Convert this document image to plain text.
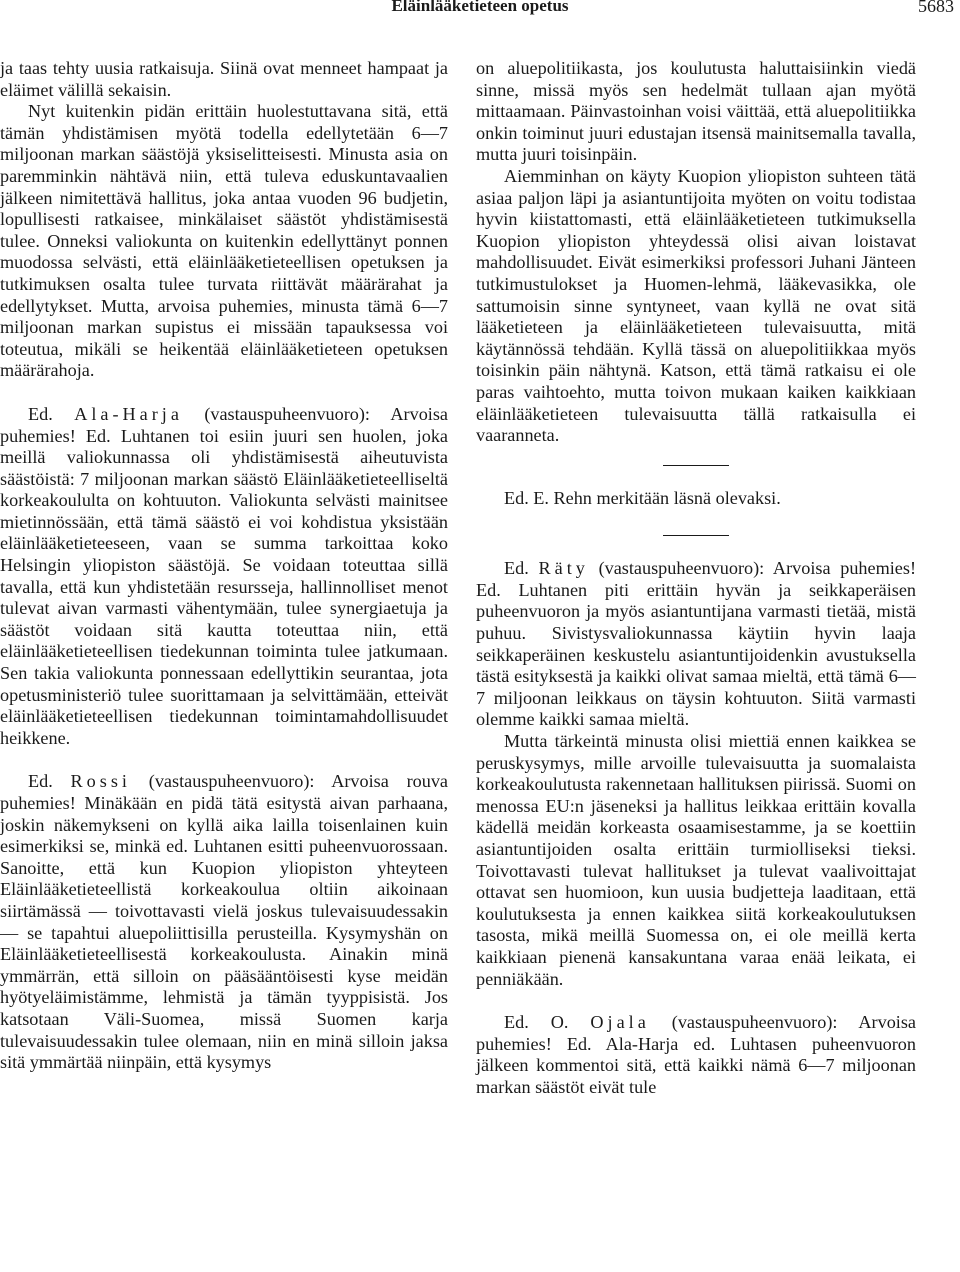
Eläinlääketieteen opetus	5683

ja taas tehty uusia ratkaisuja. Siinä ovat menneet hampaat ja eläimet välillä sekaisin.

Nyt kuitenkin pidän erittäin huolestuttavana sitä, että tämän yhdistämisen myötä todella edellytetään 6—7 miljoonan markan säästöjä yksiselitteisesti. Minusta asia on paremminkin nähtävä niin, että tuleva eduskuntavaalien jälkeen nimitettävä hallitus, joka antaa vuoden 96 budjetin, lopullisesti ratkaisee, minkälaiset säästöt yhdistämisestä tulee. Onneksi valiokunta on kuitenkin edellyttänyt ponnen muodossa selvästi, että eläinlääketieteellisen opetuksen ja tutkimuksen osalta tulee turvata riittävät määrärahat ja edellytykset. Mutta, arvoisa puhemies, minusta tämä 6—7 miljoonan markan supistus ei missään tapauksessa voi toteutua, mikäli se heikentää eläinlääketieteen opetuksen määrärahoja.

Ed. Ala-Harja (vastauspuheenvuoro): Arvoisa puhemies! Ed. Luhtanen toi esiin juuri sen huolen, joka meillä valiokunnassa oli yhdistämisestä aiheutuvista säästöistä: 7 miljoonan markan säästö Eläinlääketieteelliseltä korkeakoululta on kohtuuton. Valiokunta selvästi mainitsee mietinnössään, että tämä säästö ei voi kohdistua yksistään eläinlääketieteeseen, vaan se summa tarkoittaa koko Helsingin yliopiston säästöjä. Se voidaan toteuttaa sillä tavalla, että kun yhdistetään resursseja, hallinnolliset menot tulevat aivan varmasti vähentymään, tulee synergiaetuja ja säästöt voidaan sitä kautta toteuttaa niin, että eläinlääketieteellisen tiedekunnan toiminta tulee jatkumaan. Sen takia valiokunta ponnessaan edellyttikin seurantaa, jota opetusministeriö tulee suorittamaan ja selvittämään, etteivät eläinlääketieteellisen tiedekunnan toimintamahdollisuudet heikkene.

Ed. Rossi (vastauspuheenvuoro): Arvoisa rouva puhemies! Minäkään en pidä tätä esitystä aivan parhaana, joskin näkemykseni on kyllä aika lailla toisenlainen kuin esimerkiksi se, minkä ed. Luhtanen esitti puheenvuorossaan. Sanoitte, että kun Kuopion yliopiston yhteyteen Eläinlääketieteellistä korkeakoulua oltiin aikoinaan siirtämässä — toivottavasti vielä joskus tulevaisuudessakin — se tapahtui aluepoliittisilla perusteilla. Kysymyshän on Eläinlääketieteellisestä korkeakoulusta. Ainakin minä ymmärrän, että silloin on pääsääntöisesti kyse meidän hyötyeläimistämme, lehmistä ja tämän tyyppisistä. Jos katsotaan Väli-Suomea, missä Suomen karja tulevaisuudessakin tulee olemaan, niin en minä silloin jaksa sitä ymmärtää niinpäin, että kysymys

on aluepolitiikasta, jos koulutusta haluttaisiinkin viedä sinne, missä myös sen hedelmät tullaan ajan myötä mittaamaan. Päinvastoinhan voisi väittää, että aluepolitiikka onkin toiminut juuri edustajan itsensä mainitsemalla tavalla, mutta juuri toisinpäin.

Aiemminhan on käyty Kuopion yliopiston suhteen tätä asiaa paljon läpi ja asiantuntijoita myöten on voitu todistaa hyvin kiistattomasti, että eläinlääketieteen tutkimuksella Kuopion yliopiston yhteydessä olisi aivan loistavat mahdollisuudet. Eivät esimerkiksi professori Juhani Jänteen tutkimustulokset ja Huomen-lehmä, lääkevasikka, ole sattumoisin sinne syntyneet, vaan kyllä ne ovat sitä lääketieteen ja eläinlääketieteen tulevaisuutta, mitä käytännössä tehdään. Kyllä tässä on aluepolitiikkaa myös toisinkin päin nähtynä. Katson, että tämä ratkaisu ei ole paras vaihtoehto, mutta toivon mukaan kaiken kaikkiaan eläinlääketieteen tulevaisuutta tällä ratkaisulla ei vaaranneta.

Ed. E. Rehn merkitään läsnä olevaksi.

Ed. Räty (vastauspuheenvuoro): Arvoisa puhemies! Ed. Luhtanen piti erittäin hyvän ja seikkaperäisen puheenvuoron ja myös asiantuntijana varmasti tietää, mistä puhuu. Sivistysvaliokunnassa käytiin hyvin laaja seikkaperäinen keskustelu asiantuntijoidenkin avustuksella tästä esityksestä ja kaikki olivat samaa mieltä, että tämä 6—7 miljoonan leikkaus on täysin kohtuuton. Siitä varmasti olemme kaikki samaa mieltä.

Mutta tärkeintä minusta olisi miettiä ennen kaikkea se peruskysymys, mille arvoille tulevaisuutta ja suomalaista korkeakoulutusta rakennetaan hallituksen piirissä. Suomi on menossa EU:n jäseneksi ja hallitus leikkaa erittäin kovalla kädellä meidän korkeasta osaamisestamme, ja se koettiin asiantuntijoiden osalta erittäin turmiolliseksi tieksi. Toivottavasti tulevat hallitukset ja tulevat vaalivoittajat ottavat sen huomioon, kun uusia budjetteja laaditaan, että koulutuksesta ja ennen kaikkea siitä korkeakoulutuksen tasosta, mikä meillä Suomessa on, ei ole meillä kerta kaikkiaan pienenä kansakuntana varaa enää leikata, ei penniäkään.

Ed. O. Ojala (vastauspuheenvuoro): Arvoisa puhemies! Ed. Ala-Harja ed. Luhtasen puheenvuoron jälkeen kommentoi sitä, että kaikki nämä 6—7 miljoonan markan säästöt eivät tule
